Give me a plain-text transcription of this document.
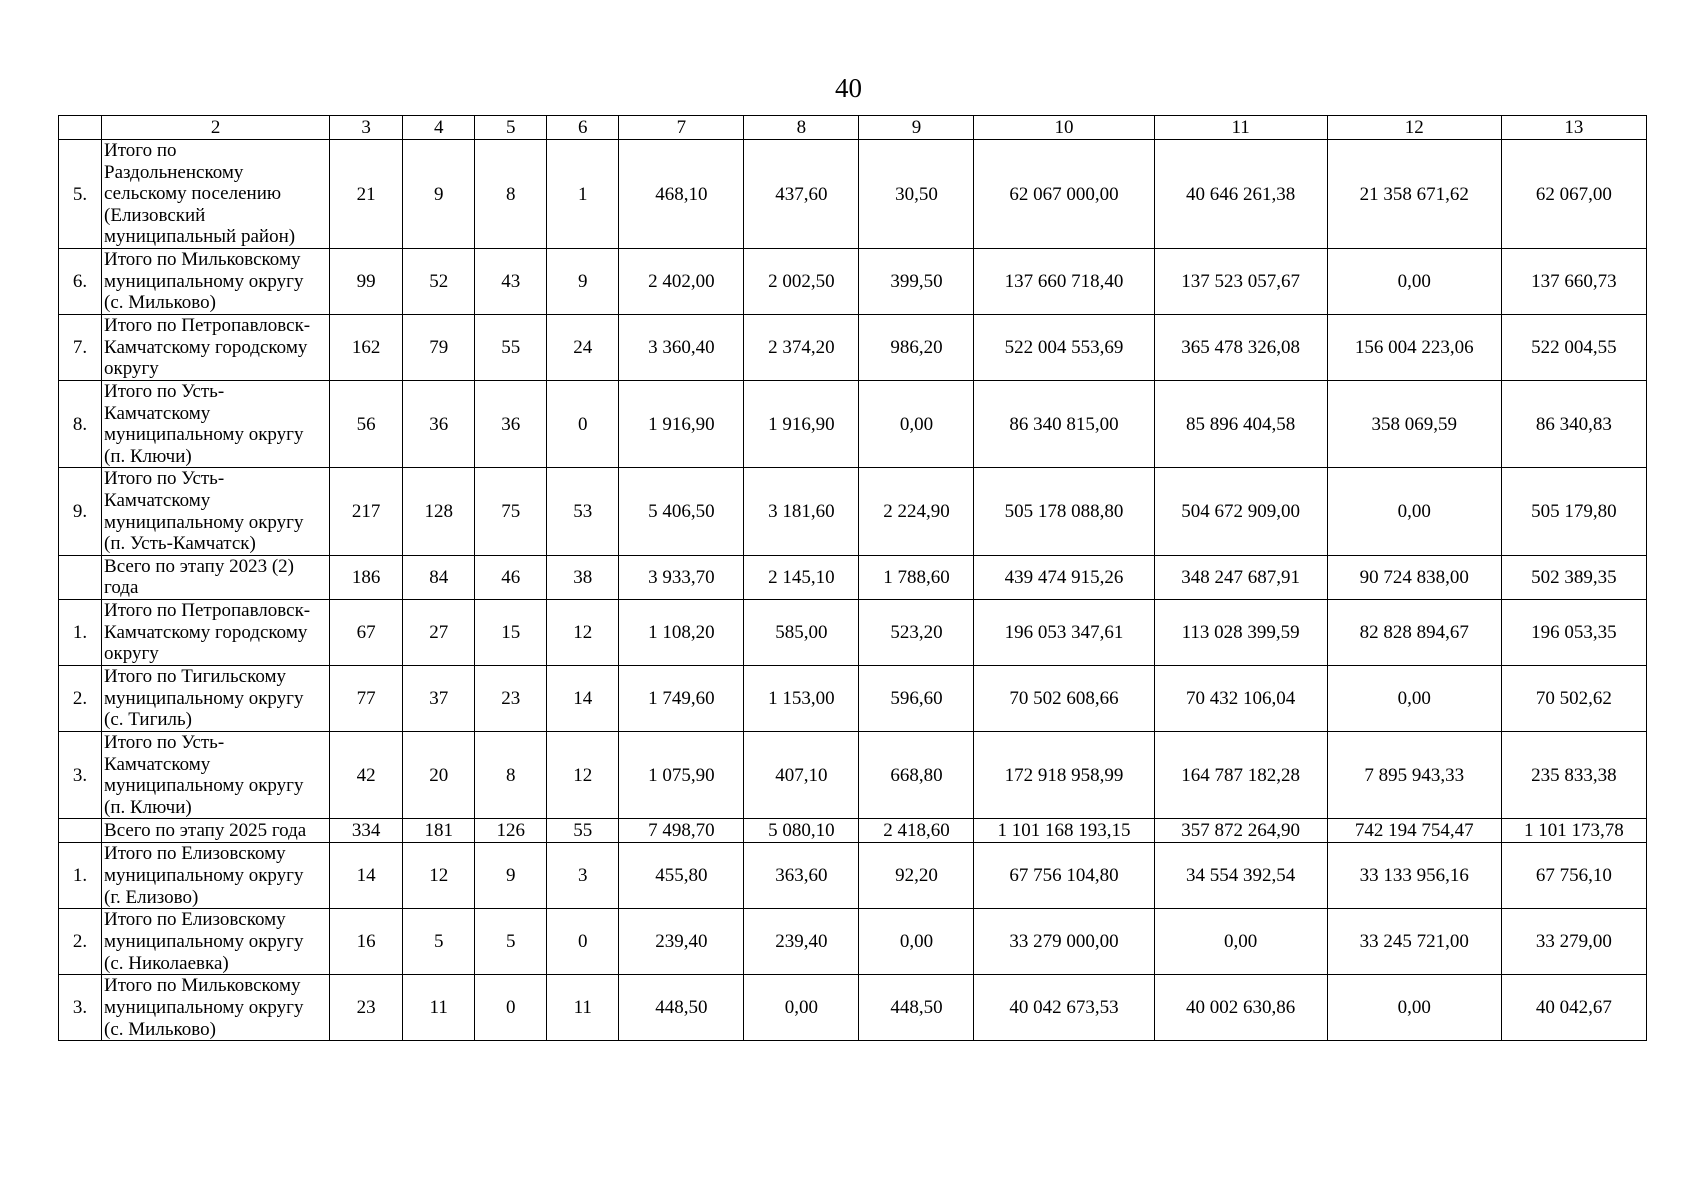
40
	2	3	4	5	6	7	8	9	10	11	12	13
5.	Итого по
Раздольненскому
сельскому поселению
(Елизовский
муниципальный район)	21	9	8	1	468,10	437,60	30,50	62 067 000,00	40 646 261,38	21 358 671,62	62 067,00
6.	Итого по Мильковскому
муниципальному округу
(с. Мильково)	99	52	43	9	2 402,00	2 002,50	399,50	137 660 718,40	137 523 057,67	0,00	137 660,73
7.	Итого по Петропавловск-
Камчатскому городскому
округу	162	79	55	24	3 360,40	2 374,20	986,20	522 004 553,69	365 478 326,08	156 004 223,06	522 004,55
8.	Итого по Усть-
Камчатскому
муниципальному округу
(п. Ключи)	56	36	36	0	1 916,90	1 916,90	0,00	86 340 815,00	85 896 404,58	358 069,59	86 340,83
9.	Итого по Усть-
Камчатскому
муниципальному округу
(п. Усть-Камчатск)	217	128	75	53	5 406,50	3 181,60	2 224,90	505 178 088,80	504 672 909,00	0,00	505 179,80

	Всего по этапу 2023 (2)
года	186	84	46	38	3 933,70	2 145,10	1 788,60	439 474 915,26	348 247 687,91	90 724 838,00	502 389,35
1.	Итого по Петропавловск-
Камчатскому городскому
округу	67	27	15	12	1 108,20	585,00	523,20	196 053 347,61	113 028 399,59	82 828 894,67	196 053,35
2.	Итого по Тигильскому
муниципальному округу
(с. Тигиль)	77	37	23	14	1 749,60	1 153,00	596,60	70 502 608,66	70 432 106,04	0,00	70 502,62
3.	Итого по Усть-
Камчатскому
муниципальному округу
(п. Ключи)	42	20	8	12	1 075,90	407,10	668,80	172 918 958,99	164 787 182,28	7 895 943,33	235 833,38

	Всего по этапу 2025 года	334	181	126	55	7 498,70	5 080,10	2 418,60	1 101 168 193,15	357 872 264,90	742 194 754,47	1 101 173,78
1.	Итого по Елизовскому
муниципальному округу
(г. Елизово)	14	12	9	3	455,80	363,60	92,20	67 756 104,80	34 554 392,54	33 133 956,16	67 756,10
2.	Итого по Елизовскому
муниципальному округу
(с. Николаевка)	16	5	5	0	239,40	239,40	0,00	33 279 000,00	0,00	33 245 721,00	33 279,00
3.	Итого по Мильковскому
муниципальному округу
(с. Мильково)	23	11	0	11	448,50	0,00	448,50	40 042 673,53	40 002 630,86	0,00	40 042,67
